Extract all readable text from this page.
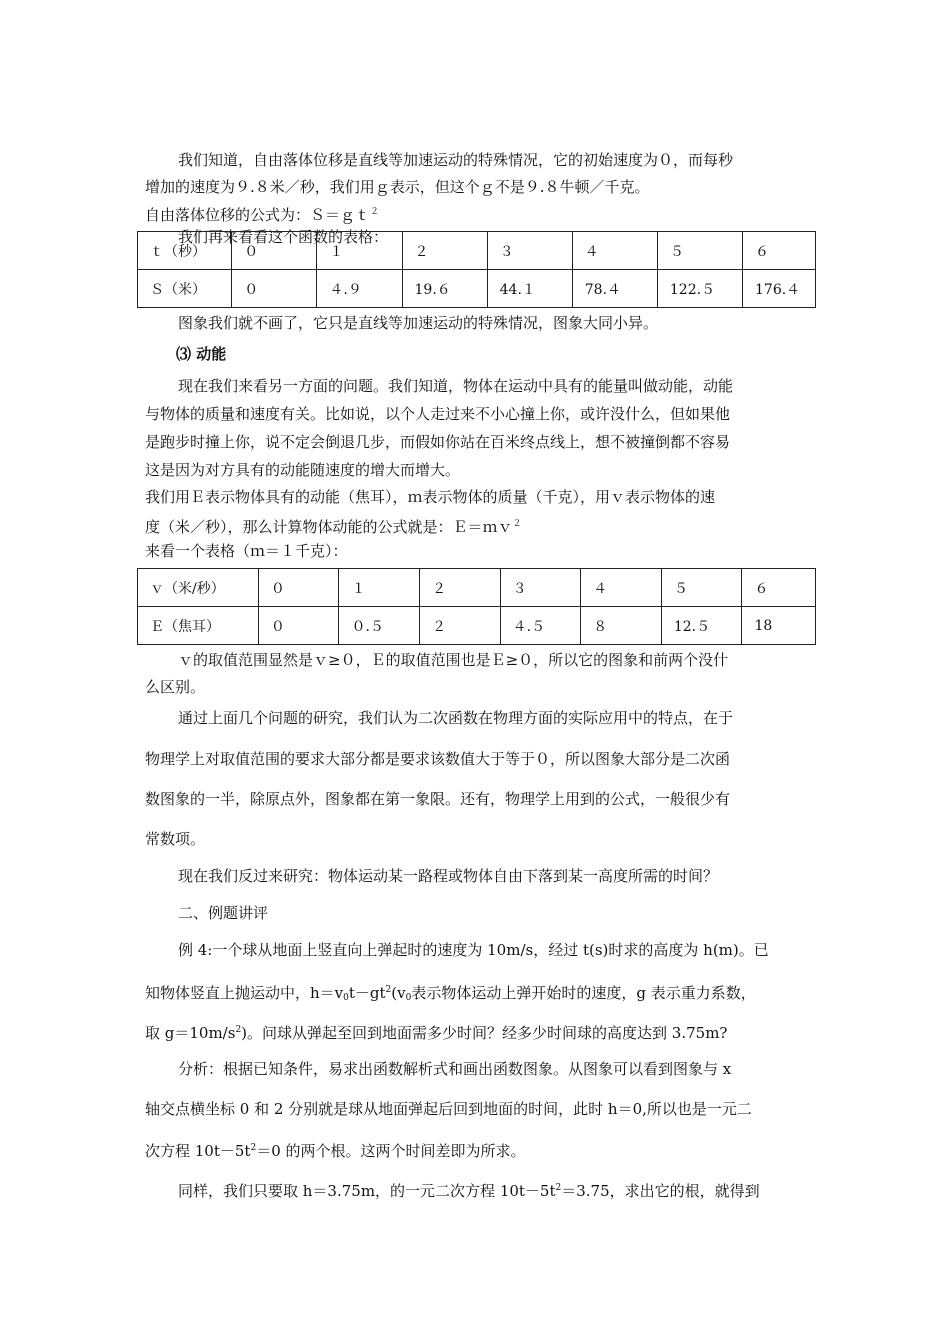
我们知道，自由落体位移是直线等加速运动的特殊情况，它的初始速度为０，而每秒
增加的速度为９.８米／秒，我们用ｇ表示，但这个ｇ不是９.８牛顿／千克。
自由落体位移的公式为：Ｓ＝ｇｔ$^2$
我们再来看看这个函数的表格：
ｔ（秒）	０	１	２	３	４	５	６
Ｓ（米）	０	４.９	19.６	44.１	78.４	122.５	176.４
图象我们就不画了，它只是直线等加速运动的特殊情况，图象大同小异。
⑶ 动能
现在我们来看另一方面的问题。我们知道，物体在运动中具有的能量叫做动能，动能
与物体的质量和速度有关。比如说，以个人走过来不小心撞上你，或许没什么，但如果他
是跑步时撞上你，说不定会倒退几步，而假如你站在百米终点线上，想不被撞倒都不容易
这是因为对方具有的动能随速度的增大而增大。
我们用Ｅ表示物体具有的动能（焦耳），ｍ表示物体的质量（千克），用ｖ表示物体的速
度（米／秒），那么计算物体动能的公式就是：Ｅ＝ｍｖ$^2$
来看一个表格（ｍ＝１千克）：
ｖ（米/秒）	０	１	２	３	４	５	６
Ｅ（焦耳）	０	０.５	２	４.５	８	12.５	18
ｖ的取值范围显然是ｖ≥０，Ｅ的取值范围也是Ｅ≥０，所以它的图象和前两个没什
么区别。
通过上面几个问题的研究，我们认为二次函数在物理方面的实际应用中的特点，在于
物理学上对取值范围的要求大部分都是要求该数值大于等于０，所以图象大部分是二次函
数图象的一半，除原点外，图象都在第一象限。还有，物理学上用到的公式，一般很少有
常数项。
现在我们反过来研究：物体运动某一路程或物体自由下落到某一高度所需的时间？
二、例题讲评
例 4:一个球从地面上竖直向上弹起时的速度为 10m/s，经过 t(s)时求的高度为 h(m)。已
知物体竖直上抛运动中，$h=v_0t-gt^2(v_0$表示物体运动上弹开始时的速度，g 表示重力系数，
取 $g=10m/s^2$)。问球从弹起至回到地面需多少时间？经多少时间球的高度达到 3.75m?
分析：根据已知条件，易求出函数解析式和画出函数图象。从图象可以看到图象与 x
轴交点横坐标 0 和 2 分别就是球从地面弹起后回到地面的时间，此时 h＝0,所以也是一元二
次方程 $10t-5t^2=0$ 的两个根。这两个时间差即为所求。
同样，我们只要取 h＝3.75m，的一元二次方程 $10t-5t^2=3.75$，求出它的根，就得到
